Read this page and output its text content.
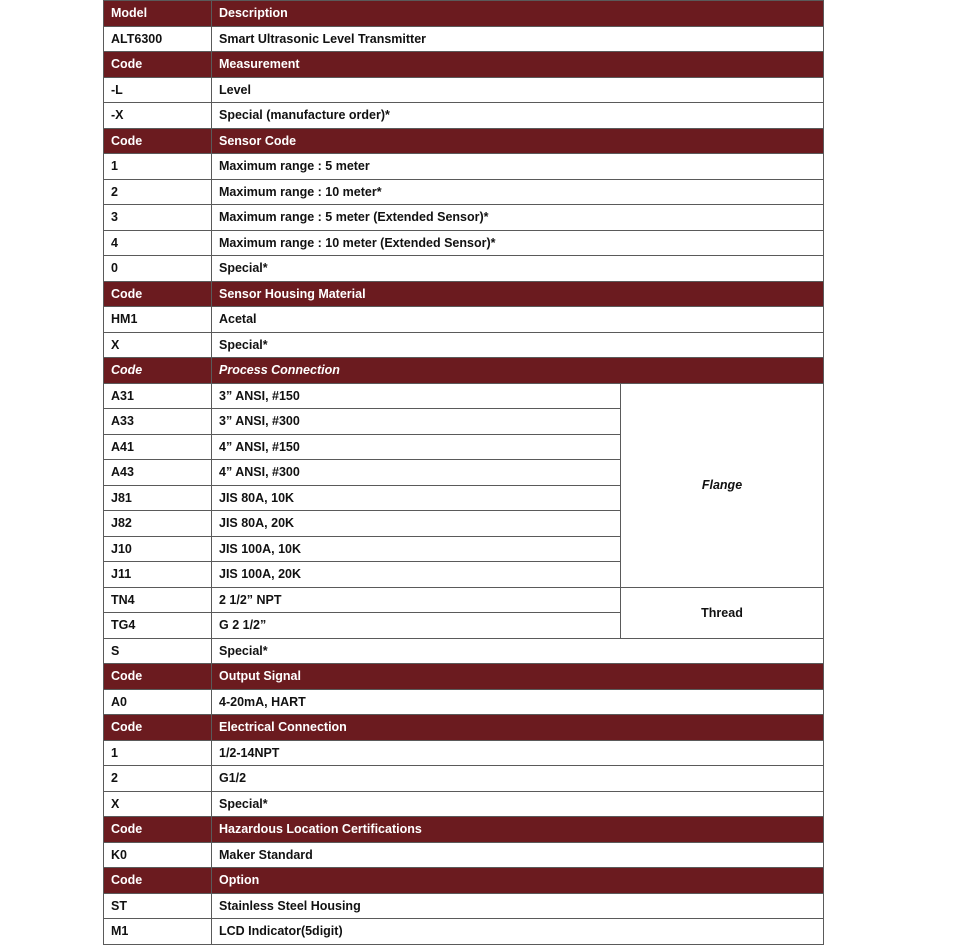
Model	Description	
ALT6300	Smart Ultrasonic Level Transmitter	
Code	Measurement	
-L	Level	
-X	Special (manufacture order)*	
Code	Sensor Code	
1	Maximum range : 5 meter	
2	Maximum range : 10 meter*	
3	Maximum range : 5 meter (Extended Sensor)*	
4	Maximum range : 10 meter (Extended Sensor)*	
0	Special*	
Code	Sensor Housing Material	
HM1	Acetal	
X	Special*	
Code	Process Connection	
A31	3” ANSI, #150	Flange
A33	3” ANSI, #300	
A41	4” ANSI, #150	
A43	4” ANSI, #300	
J81	JIS 80A, 10K	
J82	JIS 80A, 20K	
J10	JIS 100A, 10K	
J11	JIS 100A, 20K	
TN4	2 1/2” NPT	Thread
TG4	G 2 1/2”	
S	Special*	
Code	Output Signal	
A0	4-20mA, HART	
Code	Electrical Connection	
1	1/2-14NPT	
2	G1/2	
X	Special*	
Code	Hazardous Location Certifications	
K0	Maker Standard	
Code	Option	
ST	Stainless Steel Housing	
M1	LCD Indicator(5digit)	
